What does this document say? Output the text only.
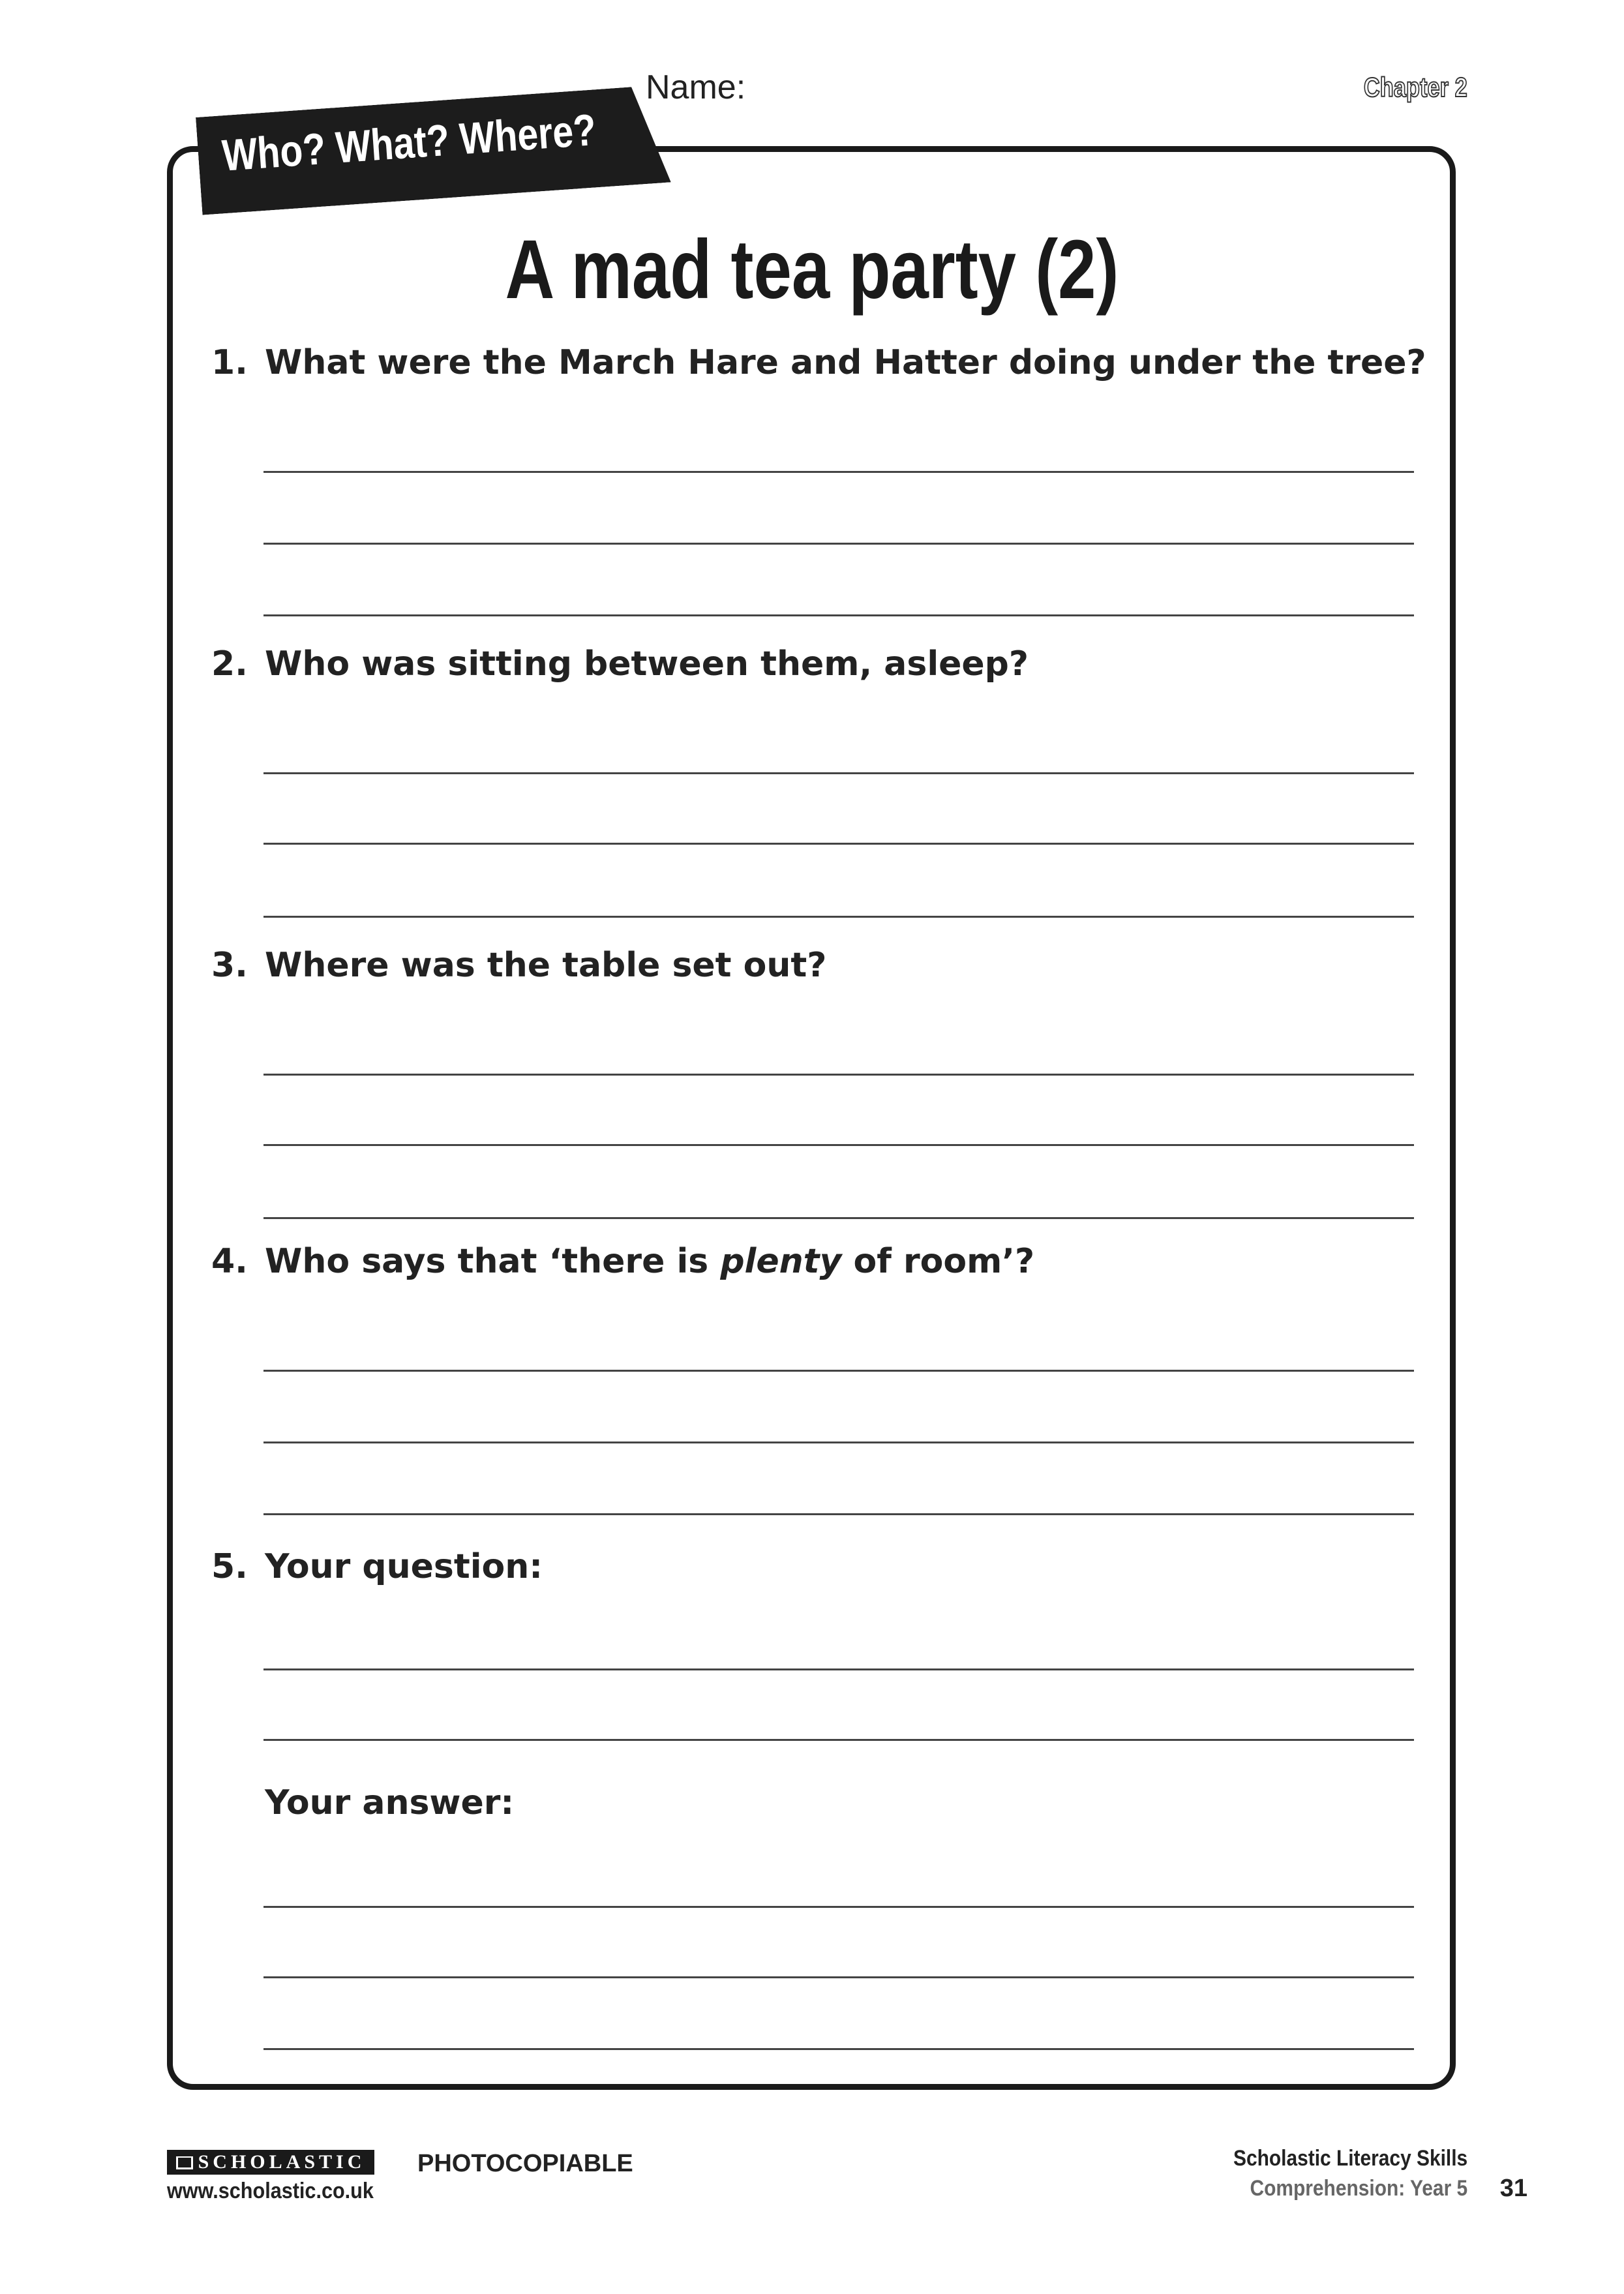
Name:	Chapter 2
Who? What? Where?
A mad tea party (2)
1. What were the March Hare and Hatter doing under the tree?
2. Who was sitting between them, asleep?
3. Where was the table set out?
4. Who says that ‘there is plenty of room’?
5. Your question:
Your answer:
SCHOLASTIC
www.scholastic.co.uk
PHOTOCOPIABLE	Scholastic Literacy Skills
Comprehension: Year 5 31
